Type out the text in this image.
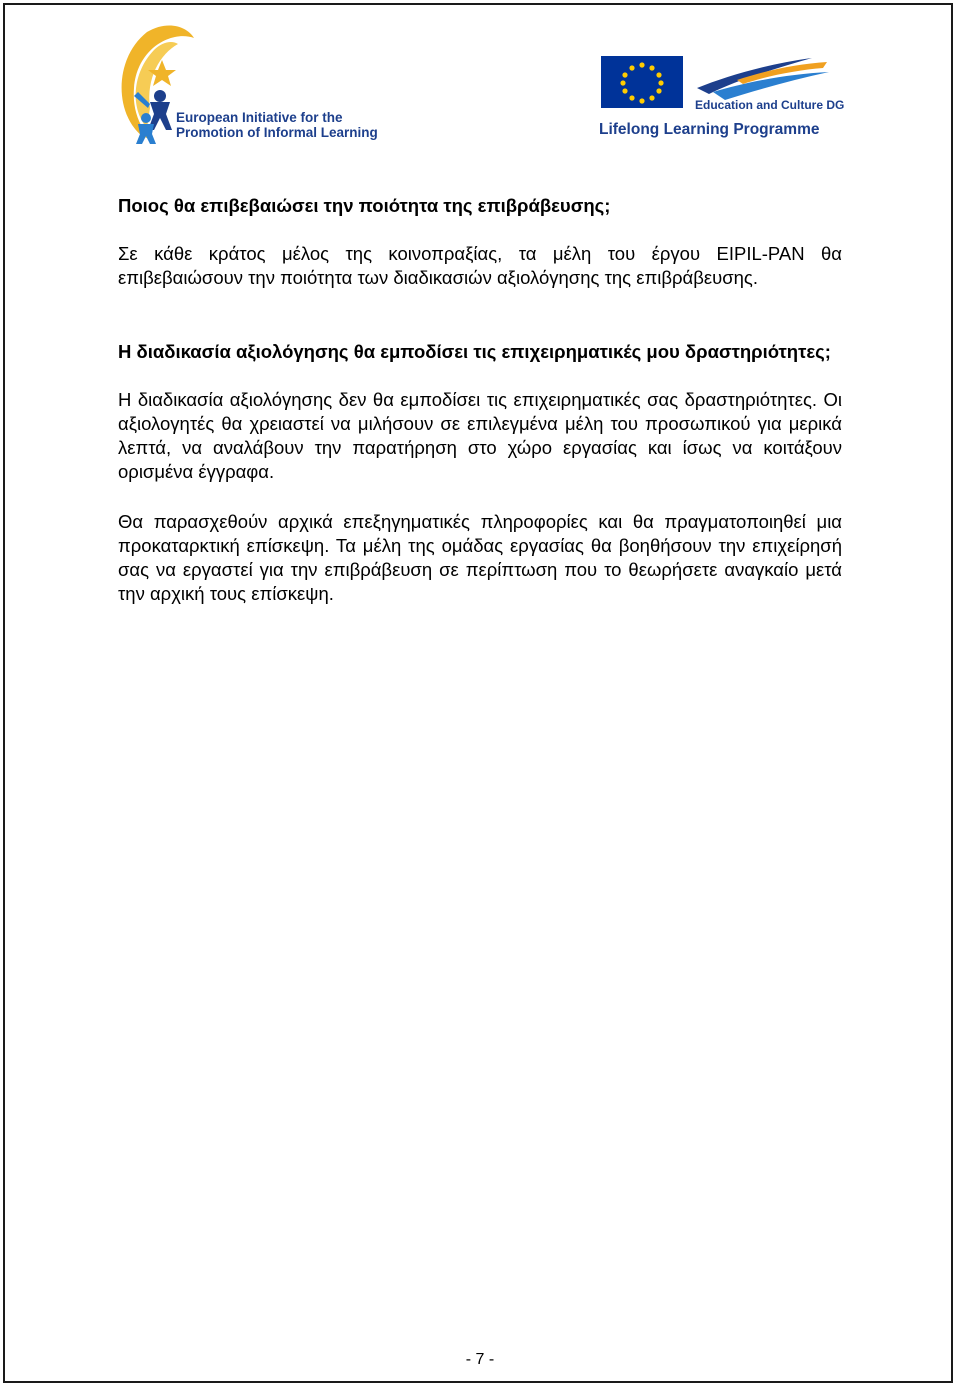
European Initiative for the
Promotion of Informal Learning
Education and Culture DG
Lifelong Learning Programme

Ποιος θα επιβεβαιώσει την ποιότητα της επιβράβευσης;

Σε κάθε κράτος μέλος της κοινοπραξίας, τα μέλη του έργου EIPIL-PAN θα επιβεβαιώσουν την ποιότητα των διαδικασιών αξιολόγησης της επιβράβευσης.

Η διαδικασία αξιολόγησης θα εμποδίσει τις επιχειρηματικές μου δραστηριότητες;

Η διαδικασία αξιολόγησης δεν θα εμποδίσει τις επιχειρηματικές σας δραστηριότητες. Οι αξιολογητές θα χρειαστεί να μιλήσουν σε επιλεγμένα μέλη του προσωπικού για μερικά λεπτά, να αναλάβουν την παρατήρηση στο χώρο εργασίας και ίσως να κοιτάξουν ορισμένα έγγραφα.

Θα παρασχεθούν αρχικά επεξηγηματικές πληροφορίες και θα πραγματοποιηθεί μια προκαταρκτική επίσκεψη. Τα μέλη της ομάδας εργασίας θα βοηθήσουν την επιχείρησή σας να εργαστεί για την επιβράβευση σε περίπτωση που το θεωρήσετε αναγκαίο μετά την αρχική τους επίσκεψη.

- 7 -
